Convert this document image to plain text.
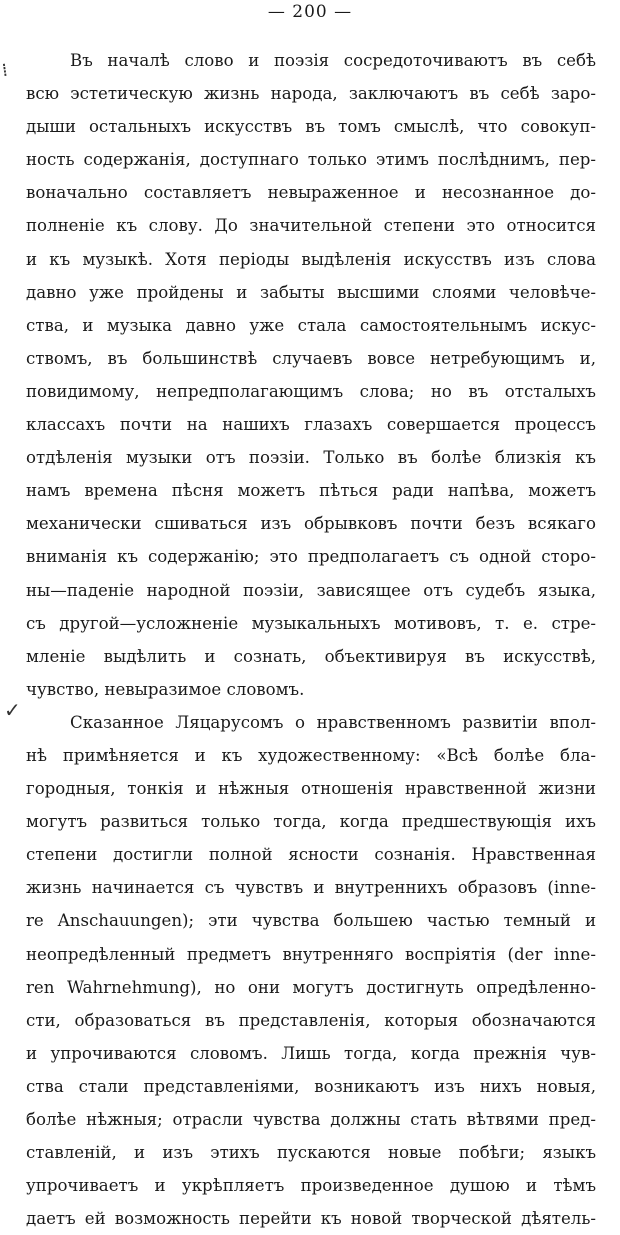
— 200 —
⁞
✓
Въ началѣ слово и поэзія сосредоточиваютъ въ себѣ
всю эстетическую жизнь народа, заключаютъ въ себѣ заро-
дыши остальныхъ искусствъ въ томъ смыслѣ, что совокуп-
ность содержанія, доступнаго только этимъ послѣднимъ, пер-
воначально составляетъ невыраженное и несознанное до-
полненіе къ слову. До значительной степени это относится
и къ музыкѣ. Хотя періоды выдѣленія искусствъ изъ слова
давно уже пройдены и забыты высшими слоями человѣче-
ства, и музыка давно уже стала самостоятельнымъ искус-
ствомъ, въ большинствѣ случаевъ вовсе нетребующимъ и,
повидимому, непредполагающимъ слова; но въ отсталыхъ
классахъ почти на нашихъ глазахъ совершается процессъ
отдѣленія музыки отъ поэзіи. Только въ болѣе близкія къ
намъ времена пѣсня можетъ пѣться ради напѣва, можетъ
механически сшиваться изъ обрывковъ почти безъ всякаго
вниманія къ содержанію; это предполагаетъ съ одной сторо-
ны—паденіе народной поэзіи, зависящее отъ судебъ языка,
съ другой—усложненіе музыкальныхъ мотивовъ, т. е. стре-
мленіе выдѣлить и сознать, объективируя въ искусствѣ,
чувство, невыразимое словомъ.
Сказанное Ляцарусомъ о нравственномъ развитіи впол-
нѣ примѣняется и къ художественному: «Всѣ болѣе бла-
городныя, тонкія и нѣжныя отношенія нравственной жизни
могутъ развиться только тогда, когда предшествующія ихъ
степени достигли полной ясности сознанія. Нравственная
жизнь начинается съ чувствъ и внутреннихъ образовъ (inne-
re Anschauungen); эти чувства большею частью темный и
неопредѣленный предметъ внутренняго воспріятія (der inne-
ren Wahrnehmung), но они могутъ достигнуть опредѣленно-
сти, образоваться въ представленія, которыя обозначаются
и упрочиваются словомъ. Лишь тогда, когда прежнія чув-
ства стали представленіями, возникаютъ изъ нихъ новыя,
болѣе нѣжныя; отрасли чувства должны стать вѣтвями пред-
ставленій, и изъ этихъ пускаются новые побѣги; языкъ
упрочиваетъ и укрѣпляетъ произведенное душою и тѣмъ
даетъ ей возможность перейти къ новой творческой дѣятель-
